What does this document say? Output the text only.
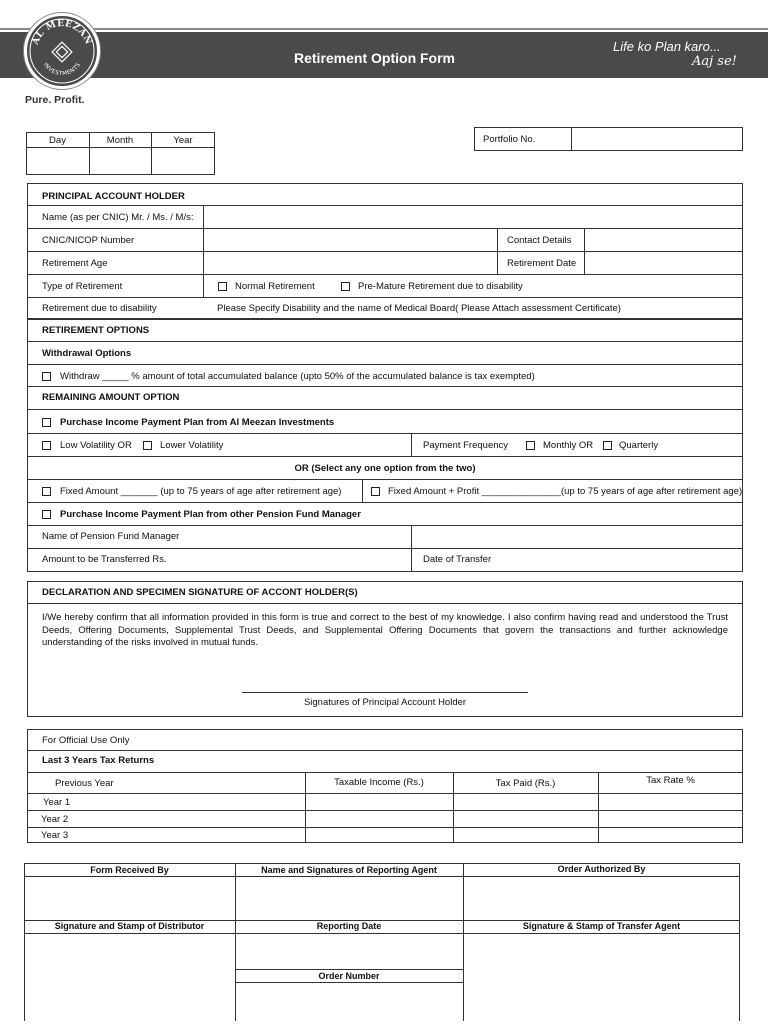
Retirement Option Form
AL MEEZAN
INVESTMENTS
Pure. Profit.
Life ko Plan karo...
Aaj se!
Day	Month	Year	Portfolio No.
PRINCIPAL ACCOUNT HOLDER
Name (as per CNIC) Mr. / Ms. / M/s:
CNIC/NICOP Number	Contact Details
Retirement Age	Retirement Date
Type of Retirement	Normal Retirement	Pre-Mature Retirement due to disability
Retirement due to disability	Please Specify Disability and the name of Medical Board( Please Attach assessment Certificate)
RETIREMENT OPTIONS
Withdrawal Options
Withdraw _____ % amount of total accumulated balance (upto 50% of the accumulated balance is tax exempted)
REMAINING AMOUNT OPTION
Purchase Income Payment Plan from Al Meezan Investments
Low Volatility OR	Lower Volatility	Payment Frequency	Monthly OR	Quarterly
OR (Select any one option from the two)
Fixed Amount _______ (up to 75 years of age after retirement age)	Fixed Amount + Profit _______________(up to 75 years of age after retirement age)
Purchase Income Payment Plan from other Pension Fund Manager
Name of Pension Fund Manager
Amount to be Transferred Rs.	Date of Transfer
DECLARATION AND SPECIMEN SIGNATURE OF ACCONT HOLDER(S)

I/We hereby confirm that all information provided in this form is true and correct to the best of my knowledge. I also confirm having read and understood the Trust Deeds, Offering Documents, Supplemental Trust Deeds, and Supplemental Offering Documents that govern the transactions and further acknowledge understanding of the risks involved in mutual funds.

Signatures of Principal Account Holder
For Official Use Only
Last 3 Years Tax Returns
Previous Year	Taxable Income (Rs.)	Tax Paid (Rs.)	Tax Rate %
Year 1
Year 2
Year 3
Form Received By	Name and Signatures of Reporting Agent	Order Authorized By
Signature and Stamp of Distributor	Reporting Date	Signature & Stamp of Transfer Agent
Order Number
